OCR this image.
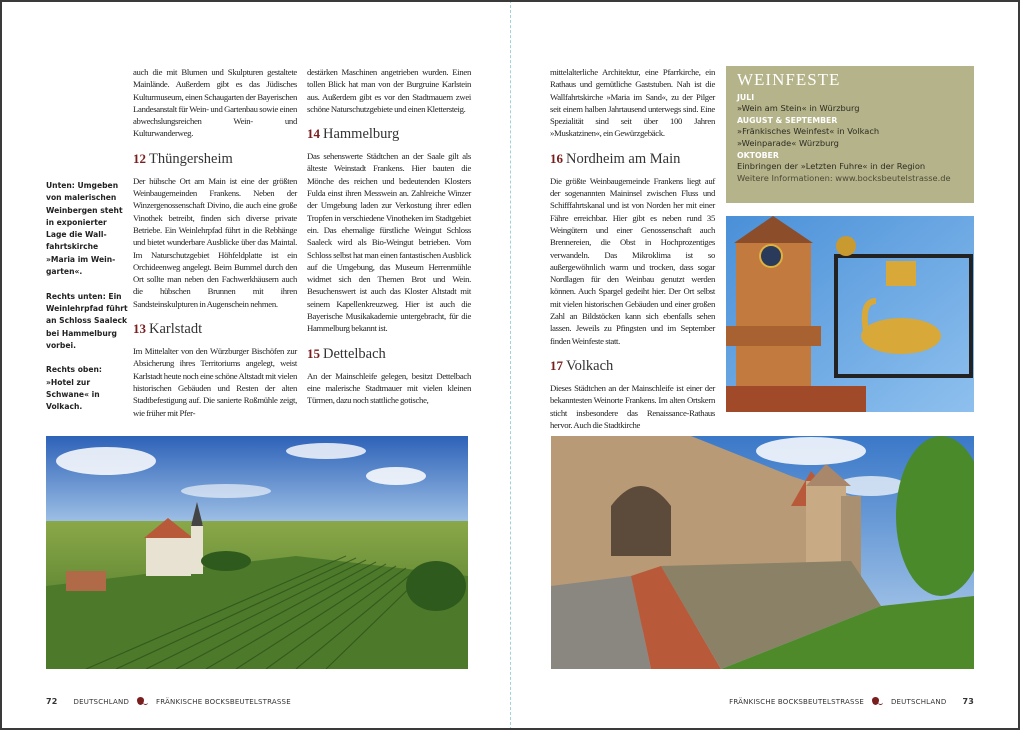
Unten: Umgeben von malerischen Weinbergen steht in exponierter Lage die Wallfahrtskirche »Maria im Weingarten«.

Rechts unten: Ein Weinlehrpfad führt an Schloss Saaleck bei Hammelburg vorbei.

Rechts oben: »Hotel zur Schwane« in Volkach.

auch die mit Blumen und Skulpturen gestaltete Mainlände. Außerdem gibt es das Jüdisches Kulturmuseum, einen Schaugarten der Bayerischen Landesanstalt für Wein- und Gartenbau sowie einen abwechslungsreichen Wein- und Kulturwanderweg.

12 Thüngersheim

Der hübsche Ort am Main ist eine der größten Weinbaugemeinden Frankens. Neben der Winzergenossenschaft Divino, die auch eine große Vinothek betreibt, finden sich diverse private Betriebe. Ein Weinlehrpfad führt in die Rebhänge und bietet wunderbare Ausblicke über das Maintal. Im Naturschutzgebiet Höhfeldplatte ist ein Orchideenweg angelegt. Beim Bummel durch den Ort sollte man neben den Fachwerkhäusern auch die hübschen Brunnen mit ihren Sandsteinskulpturen in Augenschein nehmen.

13 Karlstadt

Im Mittelalter von den Würzburger Bischöfen zur Absicherung ihres Territoriums angelegt, weist Karlstadt heute noch eine schöne Altstadt mit vielen historischen Gebäuden und Resten der alten Stadtbefestigung auf. Die sanierte Roßmühle zeigt, wie früher mit Pfer-

destärken Maschinen angetrieben wurden. Einen tollen Blick hat man von der Burgruine Karlstein aus. Außerdem gibt es vor den Stadtmauern zwei schöne Naturschutzgebiete und einen Klettersteig.

14 Hammelburg

Das sehenswerte Städtchen an der Saale gilt als älteste Weinstadt Frankens. Hier bauten die Mönche des reichen und bedeutenden Klosters Fulda einst ihren Messwein an. Zahlreiche Winzer der Umgebung laden zur Verkostung ihrer edlen Tropfen in verschiedene Vinotheken im Stadtgebiet ein. Das ehemalige fürstliche Weingut Schloss Saaleck wird als Bio-Weingut betrieben. Vom Schloss selbst hat man einen fantastischen Ausblick auf die Umgebung, das Museum Herrenmühle widmet sich den Themen Brot und Wein. Besuchenswert ist auch das Kloster Altstadt mit seinem Kapellenkreuzweg. Hier ist auch die Bayerische Musikakademie untergebracht, für die Hammelburg bekannt ist.

15 Dettelbach

An der Mainschleife gelegen, besitzt Dettelbach eine malerische Stadtmauer mit vielen kleinen Türmen, dazu noch stattliche gotische,

72 DEUTSCHLAND	FRÄNKISCHE BOCKSBEUTELSTRASSE

mittelalterliche Architektur, eine Pfarrkirche, ein Rathaus und gemütliche Gaststuben. Nah ist die Wallfahrtskirche »Maria im Sand«, zu der Pilger seit einem halben Jahrtausend unterwegs sind. Eine Spezialität sind seit über 100 Jahren »Muskatzinen«, ein Gewürzgebäck.

16 Nordheim am Main

Die größte Weinbaugemeinde Frankens liegt auf der sogenannten Maininsel zwischen Fluss und Schifffahrtskanal und ist von Norden her mit einer Fähre erreichbar. Hier gibt es neben rund 35 Weingütern und einer Genossenschaft auch Brennereien, die Obst in Hochprozentiges verwandeln. Das Mikroklima ist so außergewöhnlich warm und trocken, dass sogar Nordlagen für den Weinbau genutzt werden können. Auch Spargel gedeiht hier. Der Ort selbst mit vielen historischen Gebäuden und einer großen Zahl an Bildstöcken kann sich ebenfalls sehen lassen. Jeweils zu Pfingsten und im September finden Weinfeste statt.

17 Volkach

Dieses Städtchen an der Mainschleife ist einer der bekanntesten Weinorte Frankens. Im alten Ortskern sticht insbesondere das Renaissance-Rathaus hervor. Auch die Stadtkirche

WEINFESTE
JULI
»Wein am Stein« in Würzburg
AUGUST & SEPTEMBER
»Fränkisches Weinfest« in Volkach
»Weinparade« Würzburg
OKTOBER
Einbringen der »Letzten Fuhre« in der Region
Weitere Informationen: www.bocksbeutelstrasse.de
FRÄNKISCHE BOCKSBEUTELSTRASSE	DEUTSCHLAND 73
